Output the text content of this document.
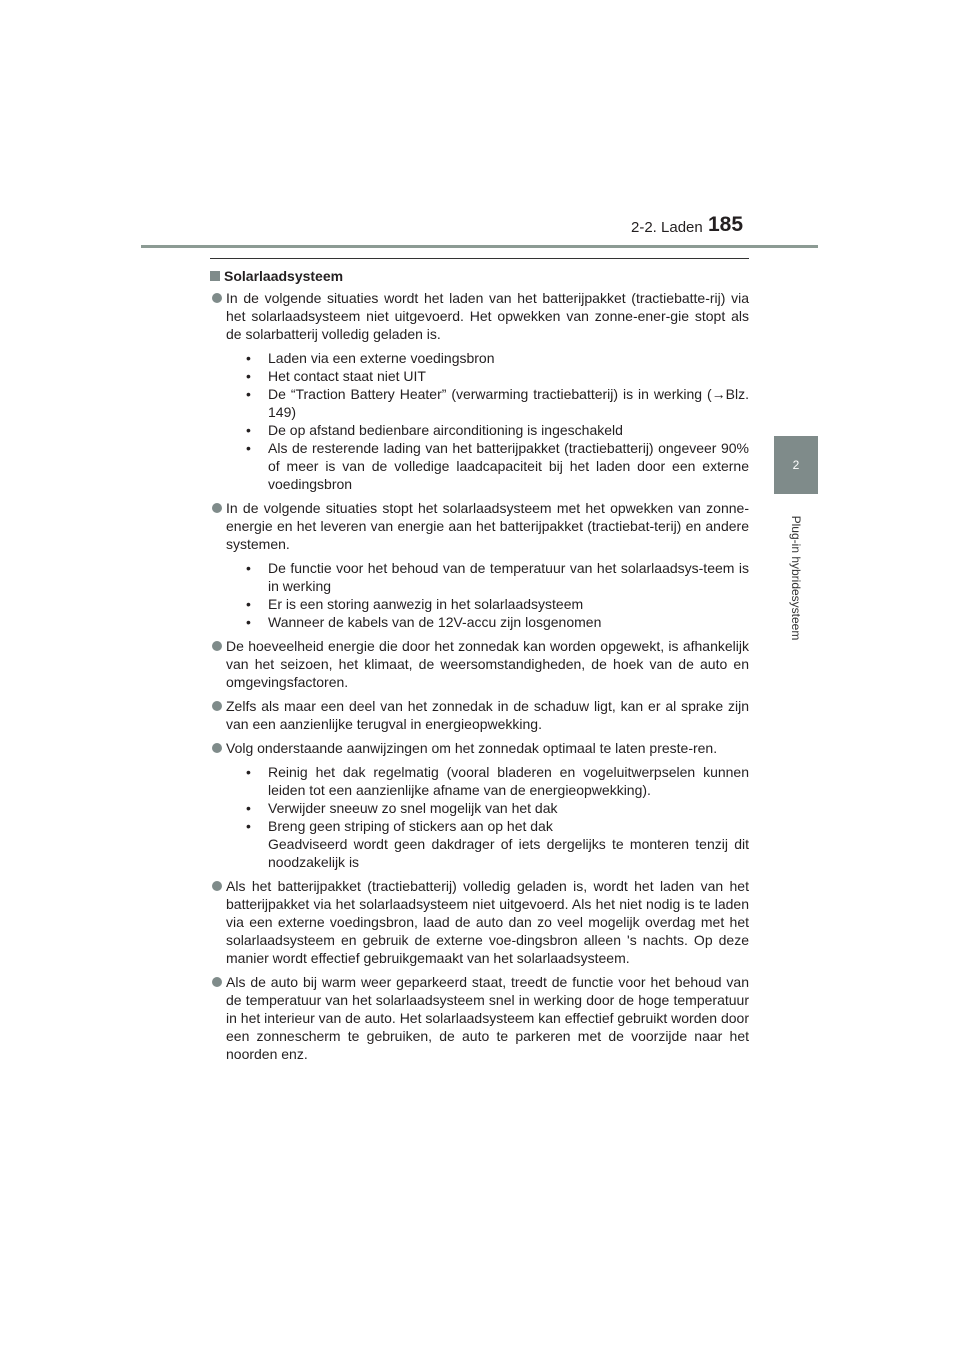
2-2. Laden 185
2
Plug-in hybridesysteem
Solarlaadsysteem
In de volgende situaties wordt het laden van het batterijpakket (tractiebatte-rij) via het solarlaadsysteem niet uitgevoerd. Het opwekken van zonne-ener-gie stopt als de solarbatterij volledig geladen is.
• Laden via een externe voedingsbron
• Het contact staat niet UIT
• De “Traction Battery Heater” (verwarming tractiebatterij) is in werking (→Blz. 149)
• De op afstand bedienbare airconditioning is ingeschakeld
• Als de resterende lading van het batterijpakket (tractiebatterij) ongeveer 90% of meer is van de volledige laadcapaciteit bij het laden door een externe voedingsbron
In de volgende situaties stopt het solarlaadsysteem met het opwekken van zonne-energie en het leveren van energie aan het batterijpakket (tractiebat-terij) en andere systemen.
• De functie voor het behoud van de temperatuur van het solarlaadsys-teem is in werking
• Er is een storing aanwezig in het solarlaadsysteem
• Wanneer de kabels van de 12V-accu zijn losgenomen
De hoeveelheid energie die door het zonnedak kan worden opgewekt, is afhankelijk van het seizoen, het klimaat, de weersomstandigheden, de hoek van de auto en omgevingsfactoren.
Zelfs als maar een deel van het zonnedak in de schaduw ligt, kan er al sprake zijn van een aanzienlijke terugval in energieopwekking.
Volg onderstaande aanwijzingen om het zonnedak optimaal te laten preste-ren.
• Reinig het dak regelmatig (vooral bladeren en vogeluitwerpselen kunnen leiden tot een aanzienlijke afname van de energieopwekking).
• Verwijder sneeuw zo snel mogelijk van het dak
• Breng geen striping of stickers aan op het dak
Geadviseerd wordt geen dakdrager of iets dergelijks te monteren tenzij dit noodzakelijk is
Als het batterijpakket (tractiebatterij) volledig geladen is, wordt het laden van het batterijpakket via het solarlaadsysteem niet uitgevoerd. Als het niet nodig is te laden via een externe voedingsbron, laad de auto dan zo veel mogelijk overdag met het solarlaadsysteem en gebruik de externe voe-dingsbron alleen 's nachts. Op deze manier wordt effectief gebruikgemaakt van het solarlaadsysteem.
Als de auto bij warm weer geparkeerd staat, treedt de functie voor het behoud van de temperatuur van het solarlaadsysteem snel in werking door de hoge temperatuur in het interieur van de auto. Het solarlaadsysteem kan effectief gebruikt worden door een zonnescherm te gebruiken, de auto te parkeren met de voorzijde naar het noorden enz.
